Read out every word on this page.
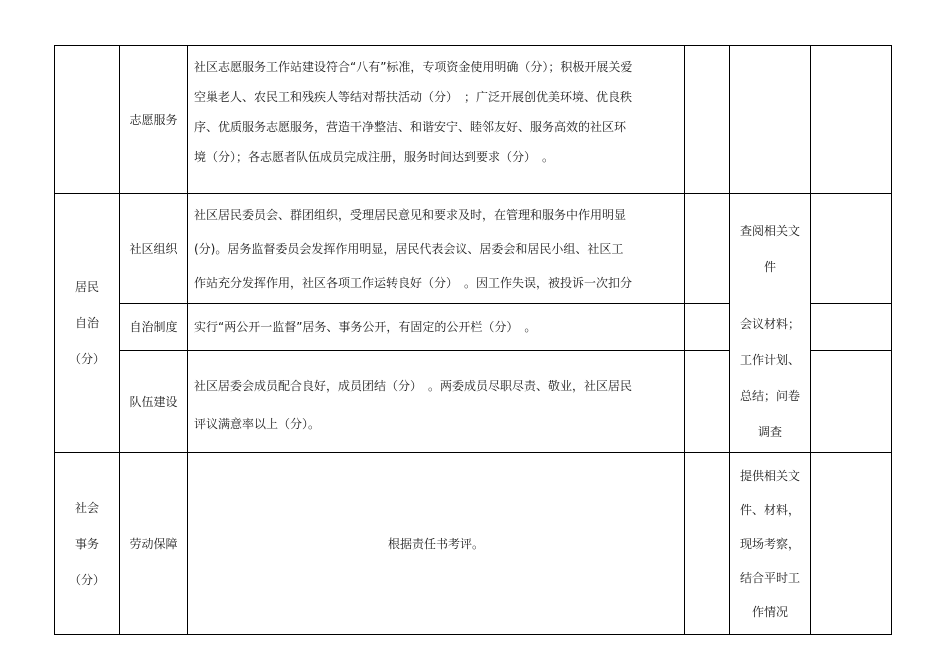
志愿服务
社区志愿服务工作站建设符合“八有”标准，专项资金使用明确（分）；积极开展关爱
空巢老人、农民工和残疾人等结对帮扶活动（分）　；广泛开展创优美环境、优良秩
序、优质服务志愿服务，营造干净整洁、和谐安宁、睦邻友好、服务高效的社区环
境（分）；各志愿者队伍成员完成注册，服务时间达到要求（分）　。
居民
自治
（分）
社区组织
社区居民委员会、群团组织，受理居民意见和要求及时，在管理和服务中作用明显
(分)。居务监督委员会发挥作用明显，居民代表会议、居委会和居民小组、社区工
作站充分发挥作用，社区各项工作运转良好（分）　。因工作失误，被投诉一次扣分
查阅相关文
件
自治制度 实行“两公开一监督”居务、事务公开，有固定的公开栏（分）　。
队伍建设
社区居委会成员配合良好，成员团结（分）　。两委成员尽职尽责、敬业，社区居民
评议满意率以上（分）。
会议材料；
工作计划、
总结；问卷
调查
社会
事务
（分）
劳动保障	根据责任书考评。
提供相关文
件、材料，
现场考察，
结合平时工
作情况
